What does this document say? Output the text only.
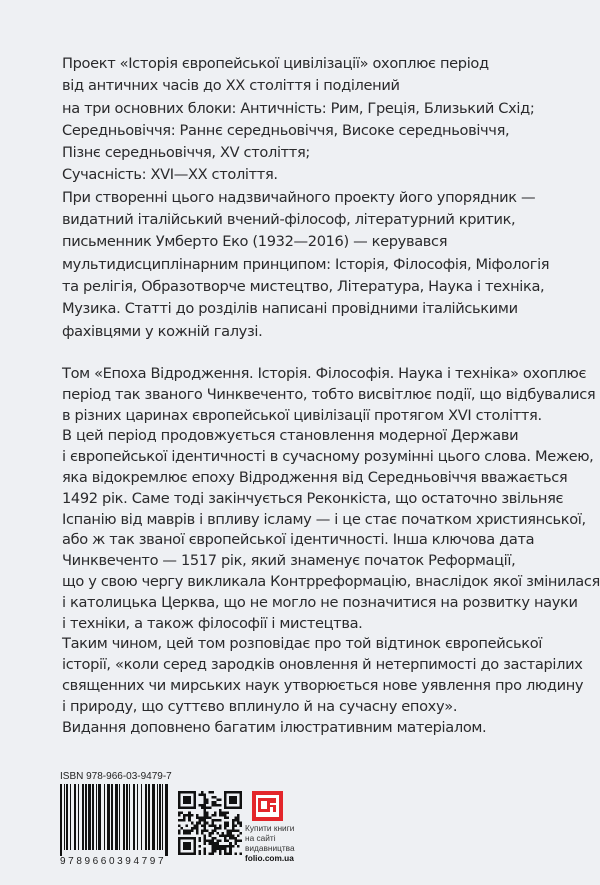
Проект «Історія європейської цивілізації» охоплює період
від античних часів до XX століття і поділений
на три основних блоки: Античність: Рим, Греція, Близький Схід;
Середньовіччя: Раннє середньовіччя, Високе середньовіччя,
Пізнє середньовіччя, XV століття;
Сучасність: XVI—XX століття.
При створенні цього надзвичайного проекту його упорядник —
видатний італійський вчений-філософ, літературний критик,
письменник Умберто Еко (1932—2016) — керувався
мультидисциплінарним принципом: Історія, Філософія, Міфологія
та релігія, Образотворче мистецтво, Література, Наука і техніка,
Музика. Статті до розділів написані провідними італійськими
фахівцями у кожній галузі.
Том «Епоха Відродження. Історія. Філософія. Наука і техніка» охоплює
період так званого Чинквеченто, тобто висвітлює події, що відбувалися
в різних царинах європейської цивілізації протягом XVI століття.
В цей період продовжується становлення модерної Держави
і європейської ідентичності в сучасному розумінні цього слова. Межею,
яка відокремлює епоху Відродження від Середньовіччя вважається
1492 рік. Саме тоді закінчується Реконкіста, що остаточно звільняє
Іспанію від маврів і впливу ісламу — і це стає початком християнської,
або ж так званої європейської ідентичності. Інша ключова дата
Чинквеченто — 1517 рік, який знаменує початок Реформації,
що у свою чергу викликала Контрреформацію, внаслідок якої змінилася
і католицька Церква, що не могло не позначитися на розвитку науки
і техніки, а також філософії і мистецтва.
Таким чином, цей том розповідає про той відтинок європейської
історії, «коли серед зародків оновлення й нетерпимості до застарілих
священних чи мирських наук утворюється нове уявлення про людину
і природу, що суттєво вплинуло й на сучасну епоху».
Видання доповнено багатим ілюстративним матеріалом.
ISBN 978-966-03-9479-7
9789660394797
Купити книги
на сайті
видавництва
folio.com.ua
